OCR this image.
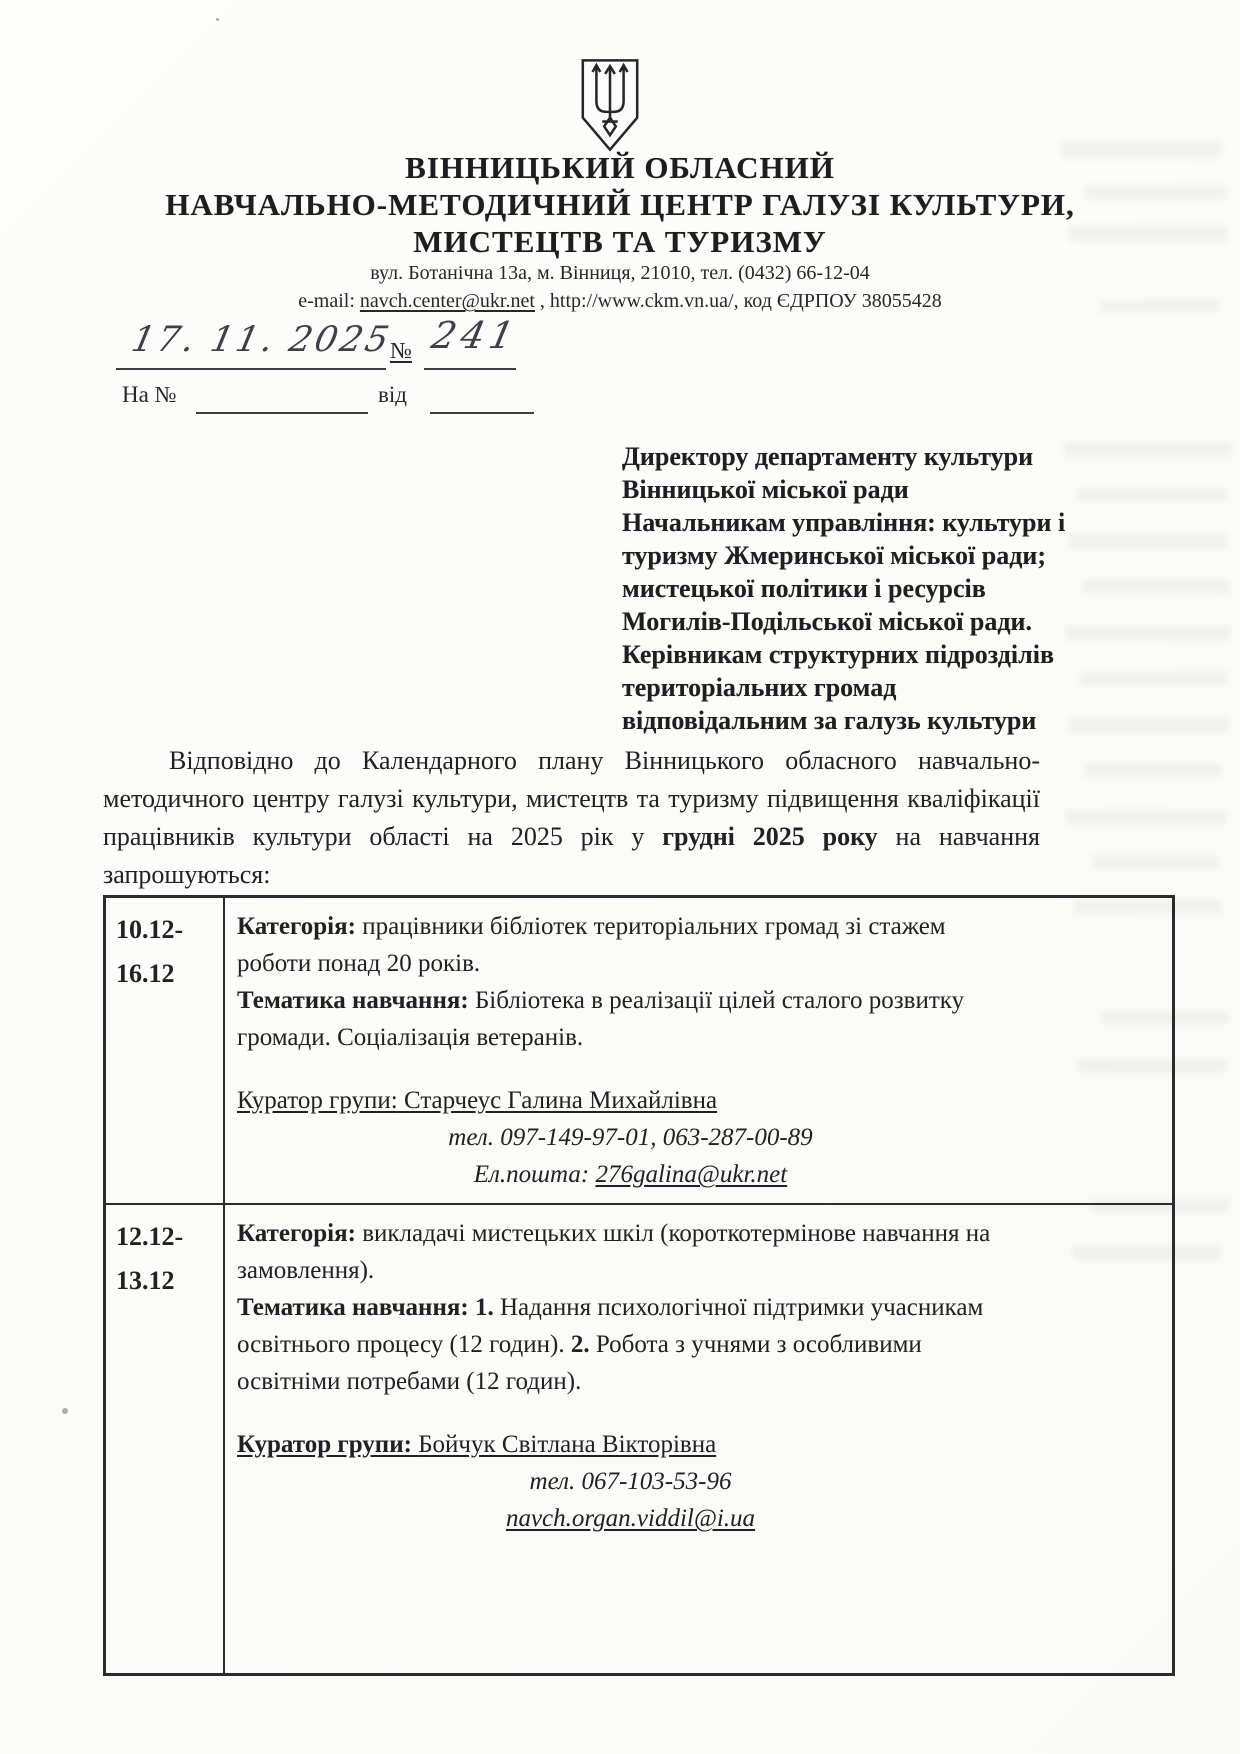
ВІННИЦЬКИЙ ОБЛАСНИЙ
НАВЧАЛЬНО-МЕТОДИЧНИЙ ЦЕНТР ГАЛУЗІ КУЛЬТУРИ,
МИСТЕЦТВ ТА ТУРИЗМУ
вул. Ботанічна 13а, м. Вінниця, 21010, тел. (0432) 66-12-04
e-mail: navch.center@ukr.net , http://www.ckm.vn.ua/, код ЄДРПОУ 38055428
17. 11. 2025
№ 241
На №	від
Директору департаменту культури
Вінницької міської ради
Начальникам управління: культури і
туризму Жмеринської міської ради;
мистецької політики і ресурсів
Могилів-Подільської міської ради.
Керівникам структурних підрозділів
територіальних громад
відповідальним за галузь культури
Відповідно до Календарного плану Вінницького обласного навчально-методичного центру галузі культури, мистецтв та туризму підвищення кваліфікації працівників культури області на 2025 рік у грудні 2025 року на навчання запрошуються:
10.12-
16.12
Категорія: працівники бібліотек територіальних громад зі стажем роботи понад 20 років.
Тематика навчання: Бібліотека в реалізації цілей сталого розвитку громади. Соціалізація ветеранів.
Куратор групи: Старчеус Галина Михайлівна
тел. 097-149-97-01, 063-287-00-89
Ел.пошта: 276galina@ukr.net
12.12-
13.12
Категорія: викладачі мистецьких шкіл (короткотермінове навчання на замовлення).
Тематика навчання: 1. Надання психологічної підтримки учасникам освітнього процесу (12 годин). 2. Робота з учнями з особливими освітніми потребами (12 годин).
Куратор групи: Бойчук Світлана Вікторівна
тел. 067-103-53-96
navch.organ.viddil@i.ua
